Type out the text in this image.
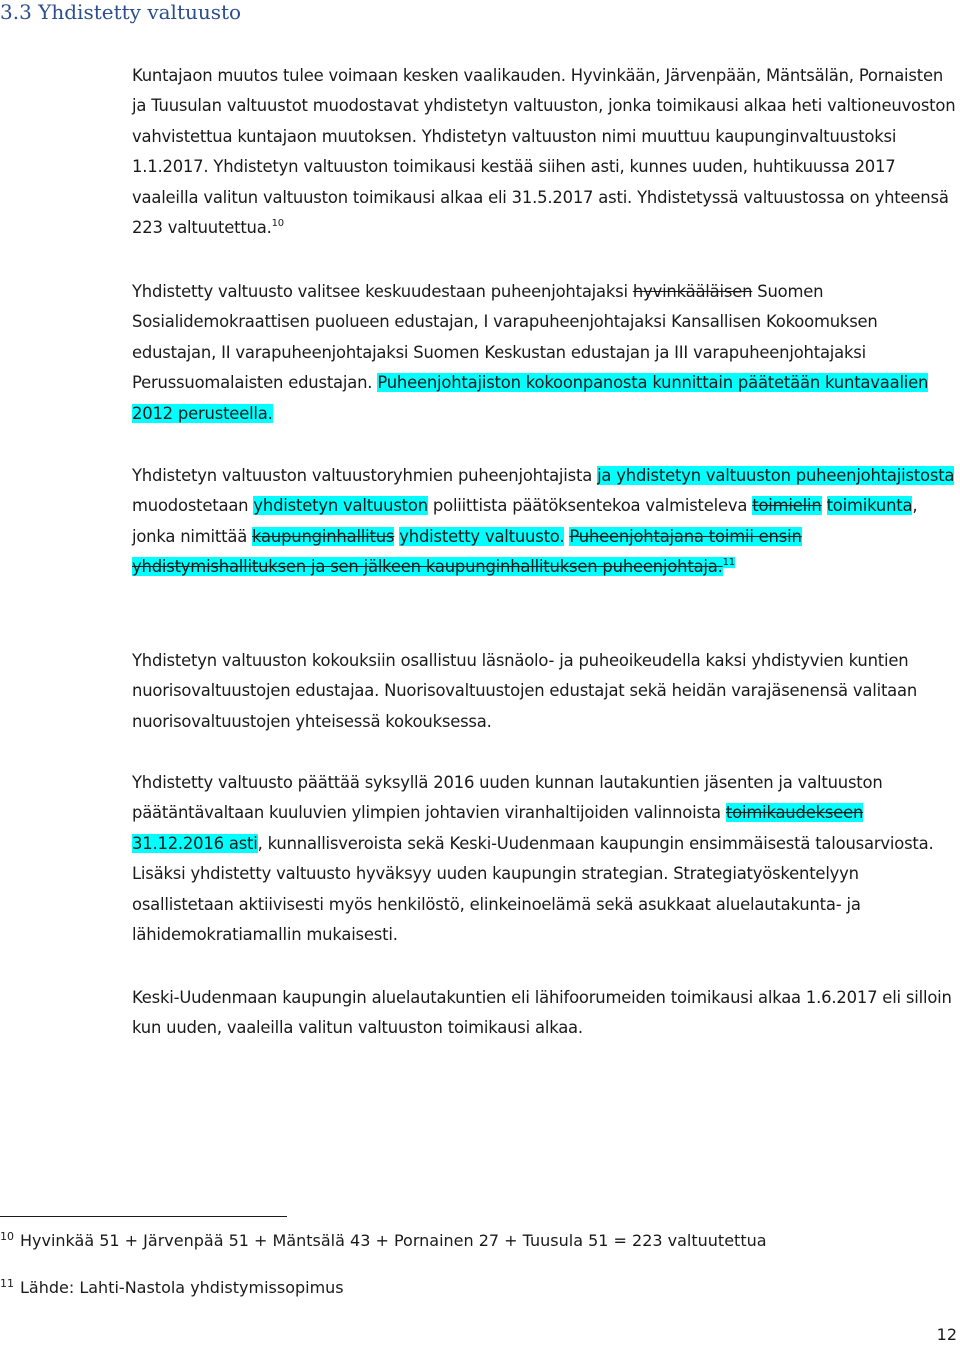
3.3 Yhdistetty valtuusto
Kuntajaon muutos tulee voimaan kesken vaalikauden. Hyvinkään, Järvenpään, Mäntsälän, Pornaisten ja Tuusulan valtuustot muodostavat yhdistetyn valtuuston, jonka toimikausi alkaa heti valtioneuvoston vahvistettua kuntajaon muutoksen. Yhdistetyn valtuuston nimi muuttuu kaupunginvaltuustoksi 1.1.2017. Yhdistetyn valtuuston toimikausi kestää siihen asti, kunnes uuden, huhtikuussa 2017 vaaleilla valitun valtuuston toimikausi alkaa eli 31.5.2017 asti. Yhdistetyssä valtuustossa on yhteensä 223 valtuutettua.$^{10}$
Yhdistetty valtuusto valitsee keskuudestaan puheenjohtajaksi hyvinkääläisen Suomen Sosialidemokraattisen puolueen edustajan, I varapuheenjohtajaksi Kansallisen Kokoomuksen edustajan, II varapuheenjohtajaksi Suomen Keskustan edustajan ja III varapuheenjohtajaksi Perussuomalaisten edustajan. Puheenjohtajiston kokoonpanosta kunnittain päätetään kuntavaalien 2012 perusteella.
Yhdistetyn valtuuston valtuustoryhmien puheenjohtajista ja yhdistetyn valtuuston puheenjohtajistosta muodostetaan yhdistetyn valtuuston poliittista päätöksentekoa valmisteleva toimielin toimikunta, jonka nimittää kaupunginhallitus yhdistetty valtuusto. Puheenjohtajana toimii ensin yhdistymishallituksen ja sen jälkeen kaupunginhallituksen puheenjohtaja.$^{11}$
Yhdistetyn valtuuston kokouksiin osallistuu läsnäolo- ja puheoikeudella kaksi yhdistyvien kuntien nuorisovaltuustojen edustajaa. Nuorisovaltuustojen edustajat sekä heidän varajäsenensä valitaan nuorisovaltuustojen yhteisessä kokouksessa.
Yhdistetty valtuusto päättää syksyllä 2016 uuden kunnan lautakuntien jäsenten ja valtuuston päätäntävaltaan kuuluvien ylimpien johtavien viranhaltijoiden valinnoista toimikaudekseen 31.12.2016 asti, kunnallisveroista sekä Keski-Uudenmaan kaupungin ensimmäisestä talousarviosta. Lisäksi yhdistetty valtuusto hyväksyy uuden kaupungin strategian. Strategiatyöskentelyyn osallistetaan aktiivisesti myös henkilöstö, elinkeinoelämä sekä asukkaat aluelautakunta- ja lähidemokratiamallin mukaisesti.
Keski-Uudenmaan kaupungin aluelautakuntien eli lähifoorumeiden toimikausi alkaa 1.6.2017 eli silloin kun uuden, vaaleilla valitun valtuuston toimikausi alkaa.
$^{10}$ Hyvinkää 51 + Järvenpää 51 + Mäntsälä 43 + Pornainen 27 + Tuusula 51 = 223 valtuutettua
$^{11}$ Lähde: Lahti-Nastola yhdistymissopimus
12
